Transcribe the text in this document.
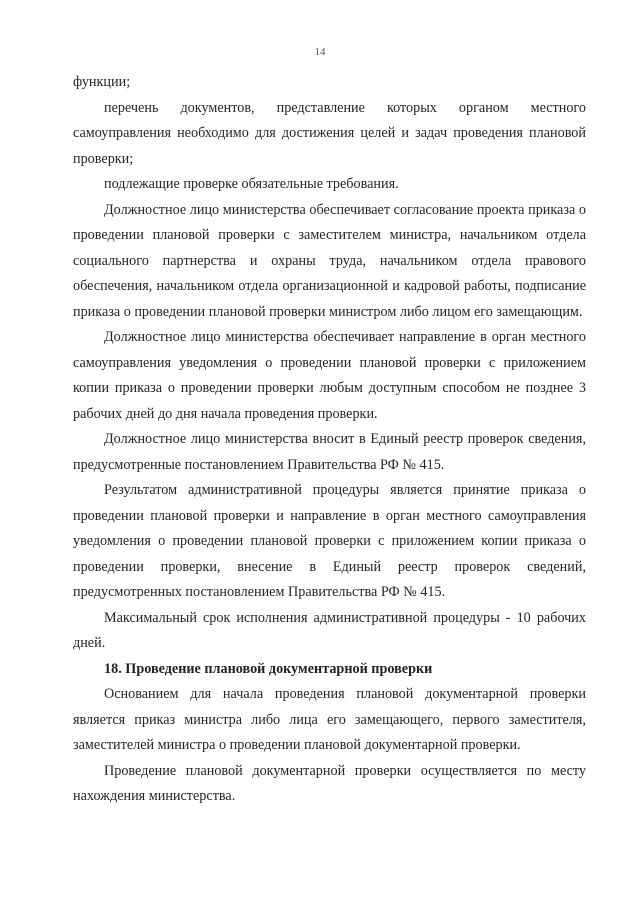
14

функции;

перечень документов, представление которых органом местного самоуправления необходимо для достижения целей и задач проведения плановой проверки;

подлежащие проверке обязательные требования.

Должностное лицо министерства обеспечивает согласование проекта приказа о проведении плановой проверки с заместителем министра, начальником отдела социального партнерства и охраны труда, начальником отдела правового обеспечения, начальником отдела организационной и кадровой работы, подписание приказа о проведении плановой проверки министром либо лицом его замещающим.

Должностное лицо министерства обеспечивает направление в орган местного самоуправления уведомления о проведении плановой проверки с приложением копии приказа о проведении проверки любым доступным способом не позднее 3 рабочих дней до дня начала проведения проверки.

Должностное лицо министерства вносит в Единый реестр проверок сведения, предусмотренные постановлением Правительства РФ № 415.

Результатом административной процедуры является принятие приказа о проведении плановой проверки и направление в орган местного самоуправления уведомления о проведении плановой проверки с приложением копии приказа о проведении проверки, внесение в Единый реестр проверок сведений, предусмотренных постановлением Правительства РФ № 415.

Максимальный срок исполнения административной процедуры - 10 рабочих дней.

18. Проведение плановой документарной проверки

Основанием для начала проведения плановой документарной проверки является приказ министра либо лица его замещающего, первого заместителя, заместителей министра о проведении плановой документарной проверки.

Проведение плановой документарной проверки осуществляется по месту нахождения министерства.
